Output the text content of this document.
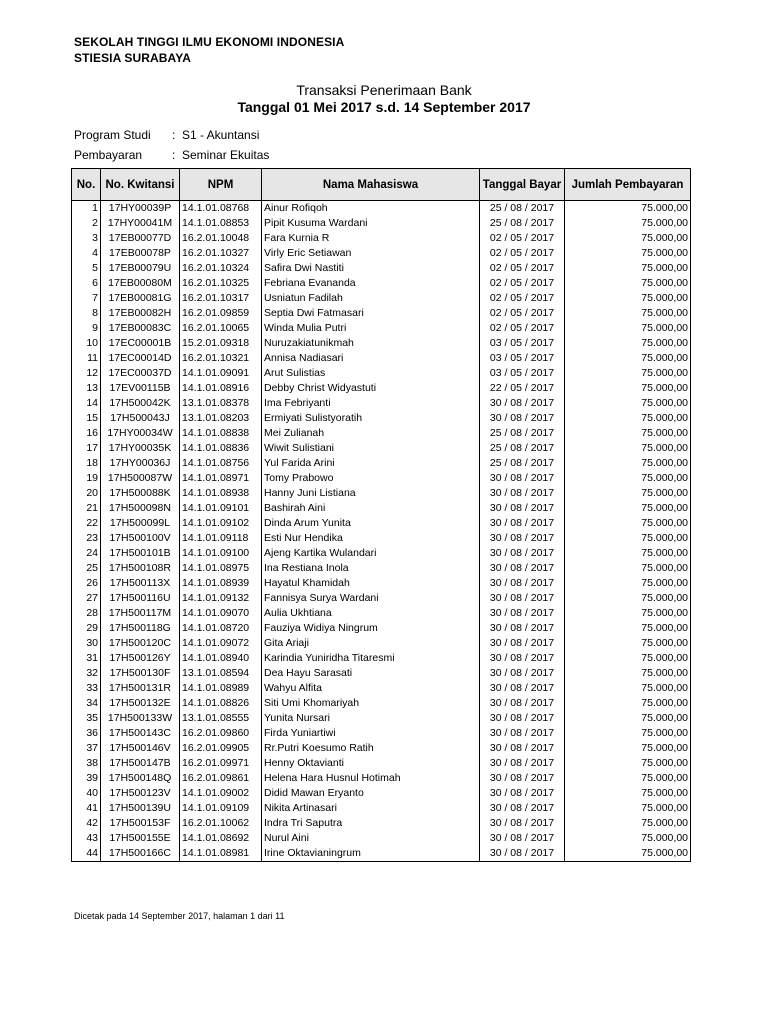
SEKOLAH TINGGI ILMU EKONOMI INDONESIA
STIESIA SURABAYA
Transaksi Penerimaan Bank
Tanggal 01 Mei 2017 s.d. 14 September 2017
Program Studi : S1 - Akuntansi
Pembayaran : Seminar Ekuitas
No.	No. Kwitansi	NPM	Nama Mahasiswa	Tanggal Bayar	Jumlah Pembayaran
1	17HY00039P	14.1.01.08768	Ainur Rofiqoh	25 / 08 / 2017	75.000,00
2	17HY00041M	14.1.01.08853	Pipit Kusuma Wardani	25 / 08 / 2017	75.000,00
3	17EB00077D	16.2.01.10048	Fara Kurnia R	02 / 05 / 2017	75.000,00
4	17EB00078P	16.2.01.10327	Virly Eric Setiawan	02 / 05 / 2017	75.000,00
5	17EB00079U	16.2.01.10324	Safira Dwi Nastiti	02 / 05 / 2017	75.000,00
6	17EB00080M	16.2.01.10325	Febriana Evananda	02 / 05 / 2017	75.000,00
7	17EB00081G	16.2.01.10317	Usniatun Fadilah	02 / 05 / 2017	75.000,00
8	17EB00082H	16.2.01.09859	Septia Dwi Fatmasari	02 / 05 / 2017	75.000,00
9	17EB00083C	16.2.01.10065	Winda Mulia Putri	02 / 05 / 2017	75.000,00
10	17EC00001B	15.2.01.09318	Nuruzakiatunikmah	03 / 05 / 2017	75.000,00
11	17EC00014D	16.2.01.10321	Annisa Nadiasari	03 / 05 / 2017	75.000,00
12	17EC00037D	14.1.01.09091	Arut Sulistias	03 / 05 / 2017	75.000,00
13	17EV00115B	14.1.01.08916	Debby Christ Widyastuti	22 / 05 / 2017	75.000,00
14	17H500042K	13.1.01.08378	Ima Febriyanti	30 / 08 / 2017	75.000,00
15	17H500043J	13.1.01.08203	Ermiyati Sulistyoratih	30 / 08 / 2017	75.000,00
16	17HY00034W	14.1.01.08838	Mei Zulianah	25 / 08 / 2017	75.000,00
17	17HY00035K	14.1.01.08836	Wiwit Sulistiani	25 / 08 / 2017	75.000,00
18	17HY00036J	14.1.01.08756	Yul Farida Arini	25 / 08 / 2017	75.000,00
19	17H500087W	14.1.01.08971	Tomy Prabowo	30 / 08 / 2017	75.000,00
20	17H500088K	14.1.01.08938	Hanny Juni Listiana	30 / 08 / 2017	75.000,00
21	17H500098N	14.1.01.09101	Bashirah Aini	30 / 08 / 2017	75.000,00
22	17H500099L	14.1.01.09102	Dinda Arum Yunita	30 / 08 / 2017	75.000,00
23	17H500100V	14.1.01.09118	Esti Nur Hendika	30 / 08 / 2017	75.000,00
24	17H500101B	14.1.01.09100	Ajeng Kartika Wulandari	30 / 08 / 2017	75.000,00
25	17H500108R	14.1.01.08975	Ina Restiana Inola	30 / 08 / 2017	75.000,00
26	17H500113X	14.1.01.08939	Hayatul Khamidah	30 / 08 / 2017	75.000,00
27	17H500116U	14.1.01.09132	Fannisya Surya Wardani	30 / 08 / 2017	75.000,00
28	17H500117M	14.1.01.09070	Aulia Ukhtiana	30 / 08 / 2017	75.000,00
29	17H500118G	14.1.01.08720	Fauziya Widiya Ningrum	30 / 08 / 2017	75.000,00
30	17H500120C	14.1.01.09072	Gita Ariaji	30 / 08 / 2017	75.000,00
31	17H500126Y	14.1.01.08940	Karindia Yuniridha Titaresmi	30 / 08 / 2017	75.000,00
32	17H500130F	13.1.01.08594	Dea Hayu Sarasati	30 / 08 / 2017	75.000,00
33	17H500131R	14.1.01.08989	Wahyu Alfita	30 / 08 / 2017	75.000,00
34	17H500132E	14.1.01.08826	Siti Umi Khomariyah	30 / 08 / 2017	75.000,00
35	17H500133W	13.1.01.08555	Yunita Nursari	30 / 08 / 2017	75.000,00
36	17H500143C	16.2.01.09860	Firda Yuniartiwi	30 / 08 / 2017	75.000,00
37	17H500146V	16.2.01.09905	Rr.Putri Koesumo Ratih	30 / 08 / 2017	75.000,00
38	17H500147B	16.2.01.09971	Henny Oktavianti	30 / 08 / 2017	75.000,00
39	17H500148Q	16.2.01.09861	Helena Hara Husnul Hotimah	30 / 08 / 2017	75.000,00
40	17H500123V	14.1.01.09002	Didid Mawan Eryanto	30 / 08 / 2017	75.000,00
41	17H500139U	14.1.01.09109	Nikita Artinasari	30 / 08 / 2017	75.000,00
42	17H500153F	16.2.01.10062	Indra Tri Saputra	30 / 08 / 2017	75.000,00
43	17H500155E	14.1.01.08692	Nurul Aini	30 / 08 / 2017	75.000,00
44	17H500166C	14.1.01.08981	Irine Oktavianingrum	30 / 08 / 2017	75.000,00
Dicetak pada 14 September 2017, halaman 1 dari 11
